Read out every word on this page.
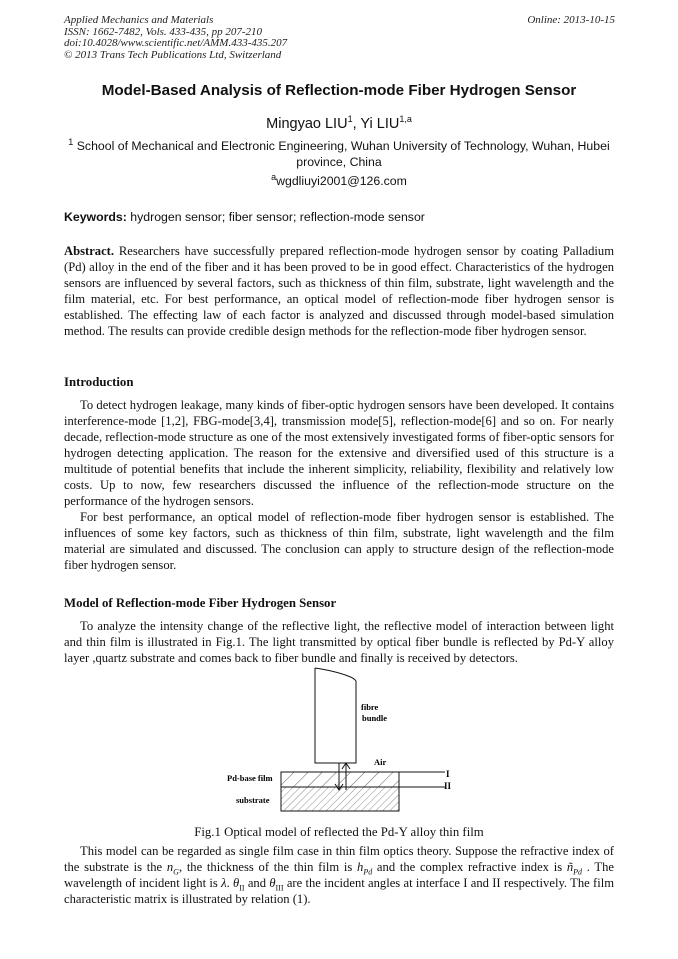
Applied Mechanics and Materials
ISSN: 1662-7482, Vols. 433-435, pp 207-210
doi:10.4028/www.scientific.net/AMM.433-435.207
© 2013 Trans Tech Publications Ltd, Switzerland
Online: 2013-10-15
Model-Based Analysis of Reflection-mode Fiber Hydrogen Sensor
Mingyao LIU$^1$, Yi LIU$^{1,a}$
$^1$ School of Mechanical and Electronic Engineering, Wuhan University of Technology, Wuhan, Hubei province, China
$^a$wgdliuyi2001@126.com
Keywords: hydrogen sensor; fiber sensor; reflection-mode sensor

Abstract. Researchers have successfully prepared reflection-mode hydrogen sensor by coating Palladium (Pd) alloy in the end of the fiber and it has been proved to be in good effect. Characteristics of the hydrogen sensors are influenced by several factors, such as thickness of thin film, substrate, light wavelength and the film material, etc. For best performance, an optical model of reflection-mode fiber hydrogen sensor is established. The effecting law of each factor is analyzed and discussed through model-based simulation method. The results can provide credible design methods for the reflection-mode fiber hydrogen sensor.

Introduction

To detect hydrogen leakage, many kinds of fiber-optic hydrogen sensors have been developed. It contains interference-mode [1,2], FBG-mode[3,4], transmission mode[5], reflection-mode[6] and so on. For nearly decade, reflection-mode structure as one of the most extensively investigated forms of fiber-optic sensors for hydrogen detecting application. The reason for the extensive and diversified used of this structure is a multitude of potential benefits that include the inherent simplicity, reliability, flexibility and relatively low costs. Up to now, few researchers discussed the influence of the reflection-mode structure on the performance of the hydrogen sensors.

For best performance, an optical model of reflection-mode fiber hydrogen sensor is established. The influences of some key factors, such as thickness of thin film, substrate, light wavelength and the film material are simulated and discussed. The conclusion can apply to structure design of the reflection-mode fiber hydrogen sensor.

Model of Reflection-mode Fiber Hydrogen Sensor

To analyze the intensity change of the reflective light, the reflective model of interaction between light and thin film is illustrated in Fig.1. The light transmitted by optical fiber bundle is reflected by Pd-Y alloy layer ,quartz substrate and comes back to fiber bundle and finally is received by detectors.

fibre
bundle
Air
Pd-base film
substrate
I
II
Fig.1 Optical model of reflected the Pd-Y alloy thin film

This model can be regarded as single film case in thin film optics theory. Suppose the refractive index of the substrate is the $n_G$, the thickness of the thin film is $h_{Pd}$ and the complex refractive index is $ñ_{Pd}$ . The wavelength of incident light is λ. $\theta_{II}$ and $\theta_{III}$ are the incident angles at interface I and II respectively. The film characteristic matrix is illustrated by relation (1).
